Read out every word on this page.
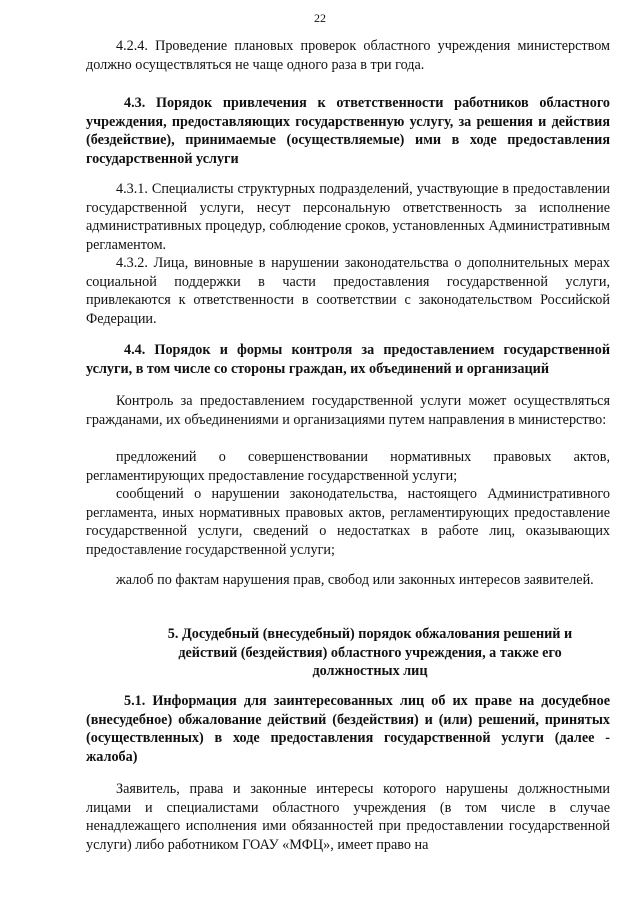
22
4.2.4. Проведение плановых проверок областного учреждения министерством должно осуществляться не чаще одного раза в три года.
4.3. Порядок привлечения к ответственности работников областного учреждения, предоставляющих государственную услугу, за решения и действия (бездействие), принимаемые (осуществляемые) ими в ходе предоставления государственной услуги
4.3.1. Специалисты структурных подразделений, участвующие в предоставлении государственной услуги, несут персональную ответственность за исполнение административных процедур, соблюдение сроков, установленных Административным регламентом.
4.3.2. Лица, виновные в нарушении законодательства о дополнительных мерах социальной поддержки в части предоставления государственной услуги, привлекаются к ответственности в соответствии с законодательством Российской Федерации.
4.4. Порядок и формы контроля за предоставлением государственной услуги, в том числе со стороны граждан, их объединений и организаций
Контроль за предоставлением государственной услуги может осуществляться гражданами, их объединениями и организациями путем направления в министерство:
предложений о совершенствовании нормативных правовых актов, регламентирующих предоставление государственной услуги;
сообщений о нарушении законодательства, настоящего Административного регламента, иных нормативных правовых актов, регламентирующих предоставление государственной услуги, сведений о недостатках в работе лиц, оказывающих предоставление государственной услуги;
жалоб по фактам нарушения прав, свобод или законных интересов заявителей.
5. Досудебный (внесудебный) порядок обжалования решений и действий (бездействия) областного учреждения, а также его должностных лиц
5.1. Информация для заинтересованных лиц об их праве на досудебное (внесудебное) обжалование действий (бездействия) и (или) решений, принятых (осуществленных) в ходе предоставления государственной услуги (далее - жалоба)
Заявитель, права и законные интересы которого нарушены должностными лицами и специалистами областного учреждения (в том числе в случае ненадлежащего исполнения ими обязанностей при предоставлении государственной услуги) либо работником ГОАУ «МФЦ», имеет право на
